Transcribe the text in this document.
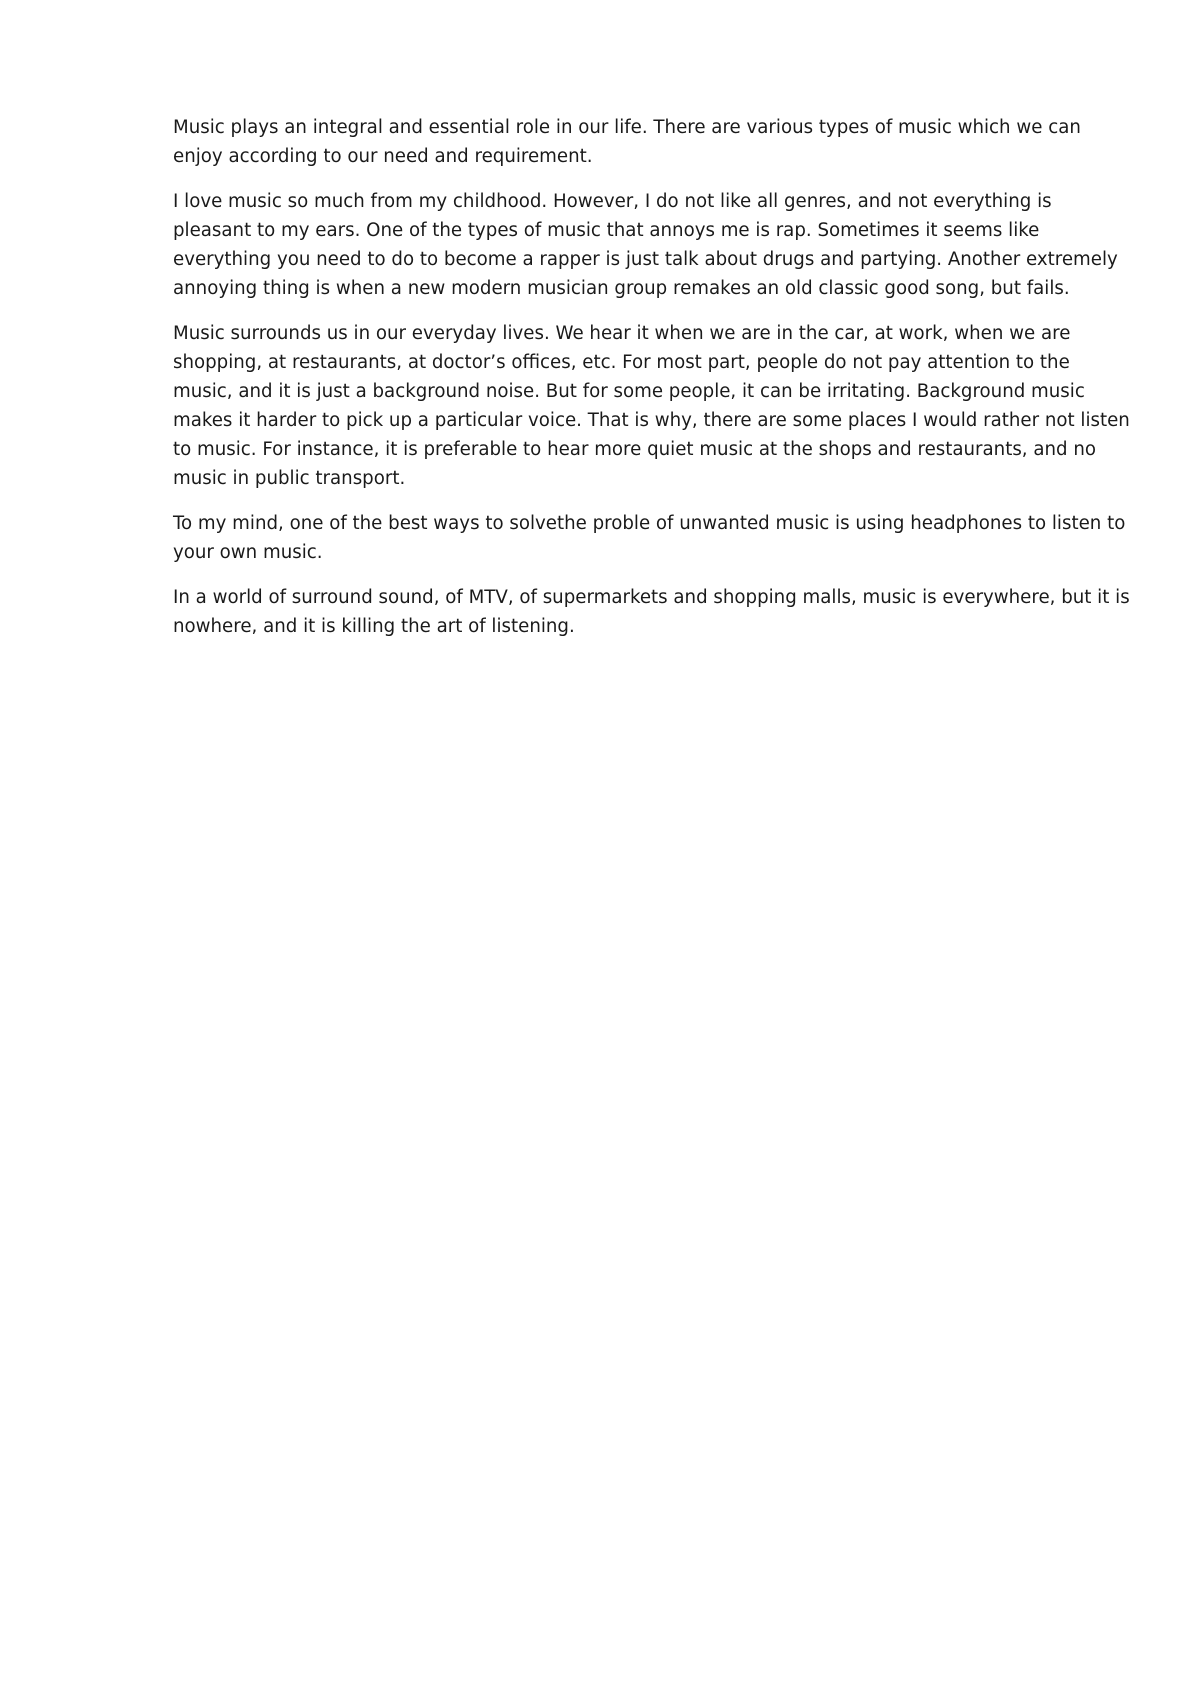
Music plays an integral and essential role in our life. There are various types of music which we can enjoy according to our need and requirement.

I love music so much from my childhood. However, I do not like all genres, and not everything is pleasant to my ears. One of the types of music that annoys me is rap. Sometimes it seems like everything you need to do to become a rapper is just talk about drugs and partying. Another extremely annoying thing is when a new modern musician group remakes an old classic good song, but fails.

Music surrounds us in our everyday lives. We hear it when we are in the car, at work, when we are shopping, at restaurants, at doctor’s offices, etc. For most part, people do not pay attention to the music, and it is just a background noise. But for some people, it can be irritating. Background music makes it harder to pick up a particular voice. That is why, there are some places I would rather not listen to music. For instance, it is preferable to hear more quiet music at the shops and restaurants, and no music in public transport.

To my mind, one of the best ways to solvethe proble of unwanted music is using headphones to listen to your own music.

In a world of surround sound, of MTV, of supermarkets and shopping malls, music is everywhere, but it is nowhere, and it is killing the art of listening.
